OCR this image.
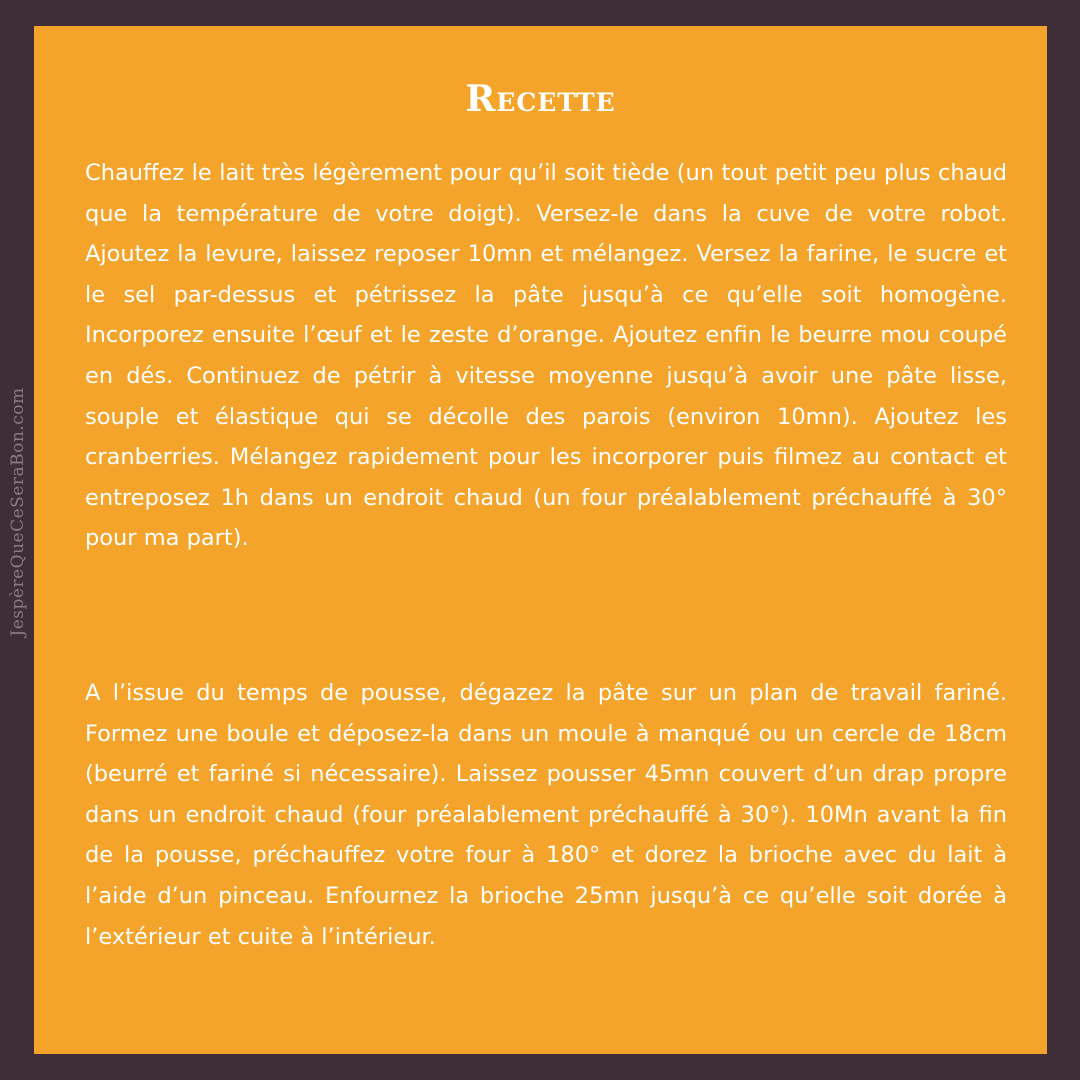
JespèreQueCeSeraBon.com
Recette
Chauffez le lait très légèrement pour qu’il soit tiède (un tout petit peu plus chaud que la température de votre doigt). Versez-le dans la cuve de votre robot. Ajoutez la levure, laissez reposer 10mn et mélangez. Versez la farine, le sucre et le sel par-dessus et pétrissez la pâte jusqu’à ce qu’elle soit homogène. Incorporez ensuite l’œuf et le zeste d’orange. Ajoutez enfin le beurre mou coupé en dés. Continuez de pétrir à vitesse moyenne jusqu’à avoir une pâte lisse, souple et élastique qui se décolle des parois (environ 10mn). Ajoutez les cranberries. Mélangez rapidement pour les incorporer puis filmez au contact et entreposez 1h dans un endroit chaud (un four préalablement préchauffé à 30° pour ma part).
A l’issue du temps de pousse, dégazez la pâte sur un plan de travail fariné. Formez une boule et déposez-la dans un moule à manqué ou un cercle de 18cm (beurré et fariné si nécessaire). Laissez pousser 45mn couvert d’un drap propre dans un endroit chaud (four préalablement préchauffé à 30°). 10Mn avant la fin de la pousse, préchauffez votre four à 180° et dorez la brioche avec du lait à l’aide d’un pinceau. Enfournez la brioche 25mn jusqu’à ce qu’elle soit dorée à l’extérieur et cuite à l’intérieur.
